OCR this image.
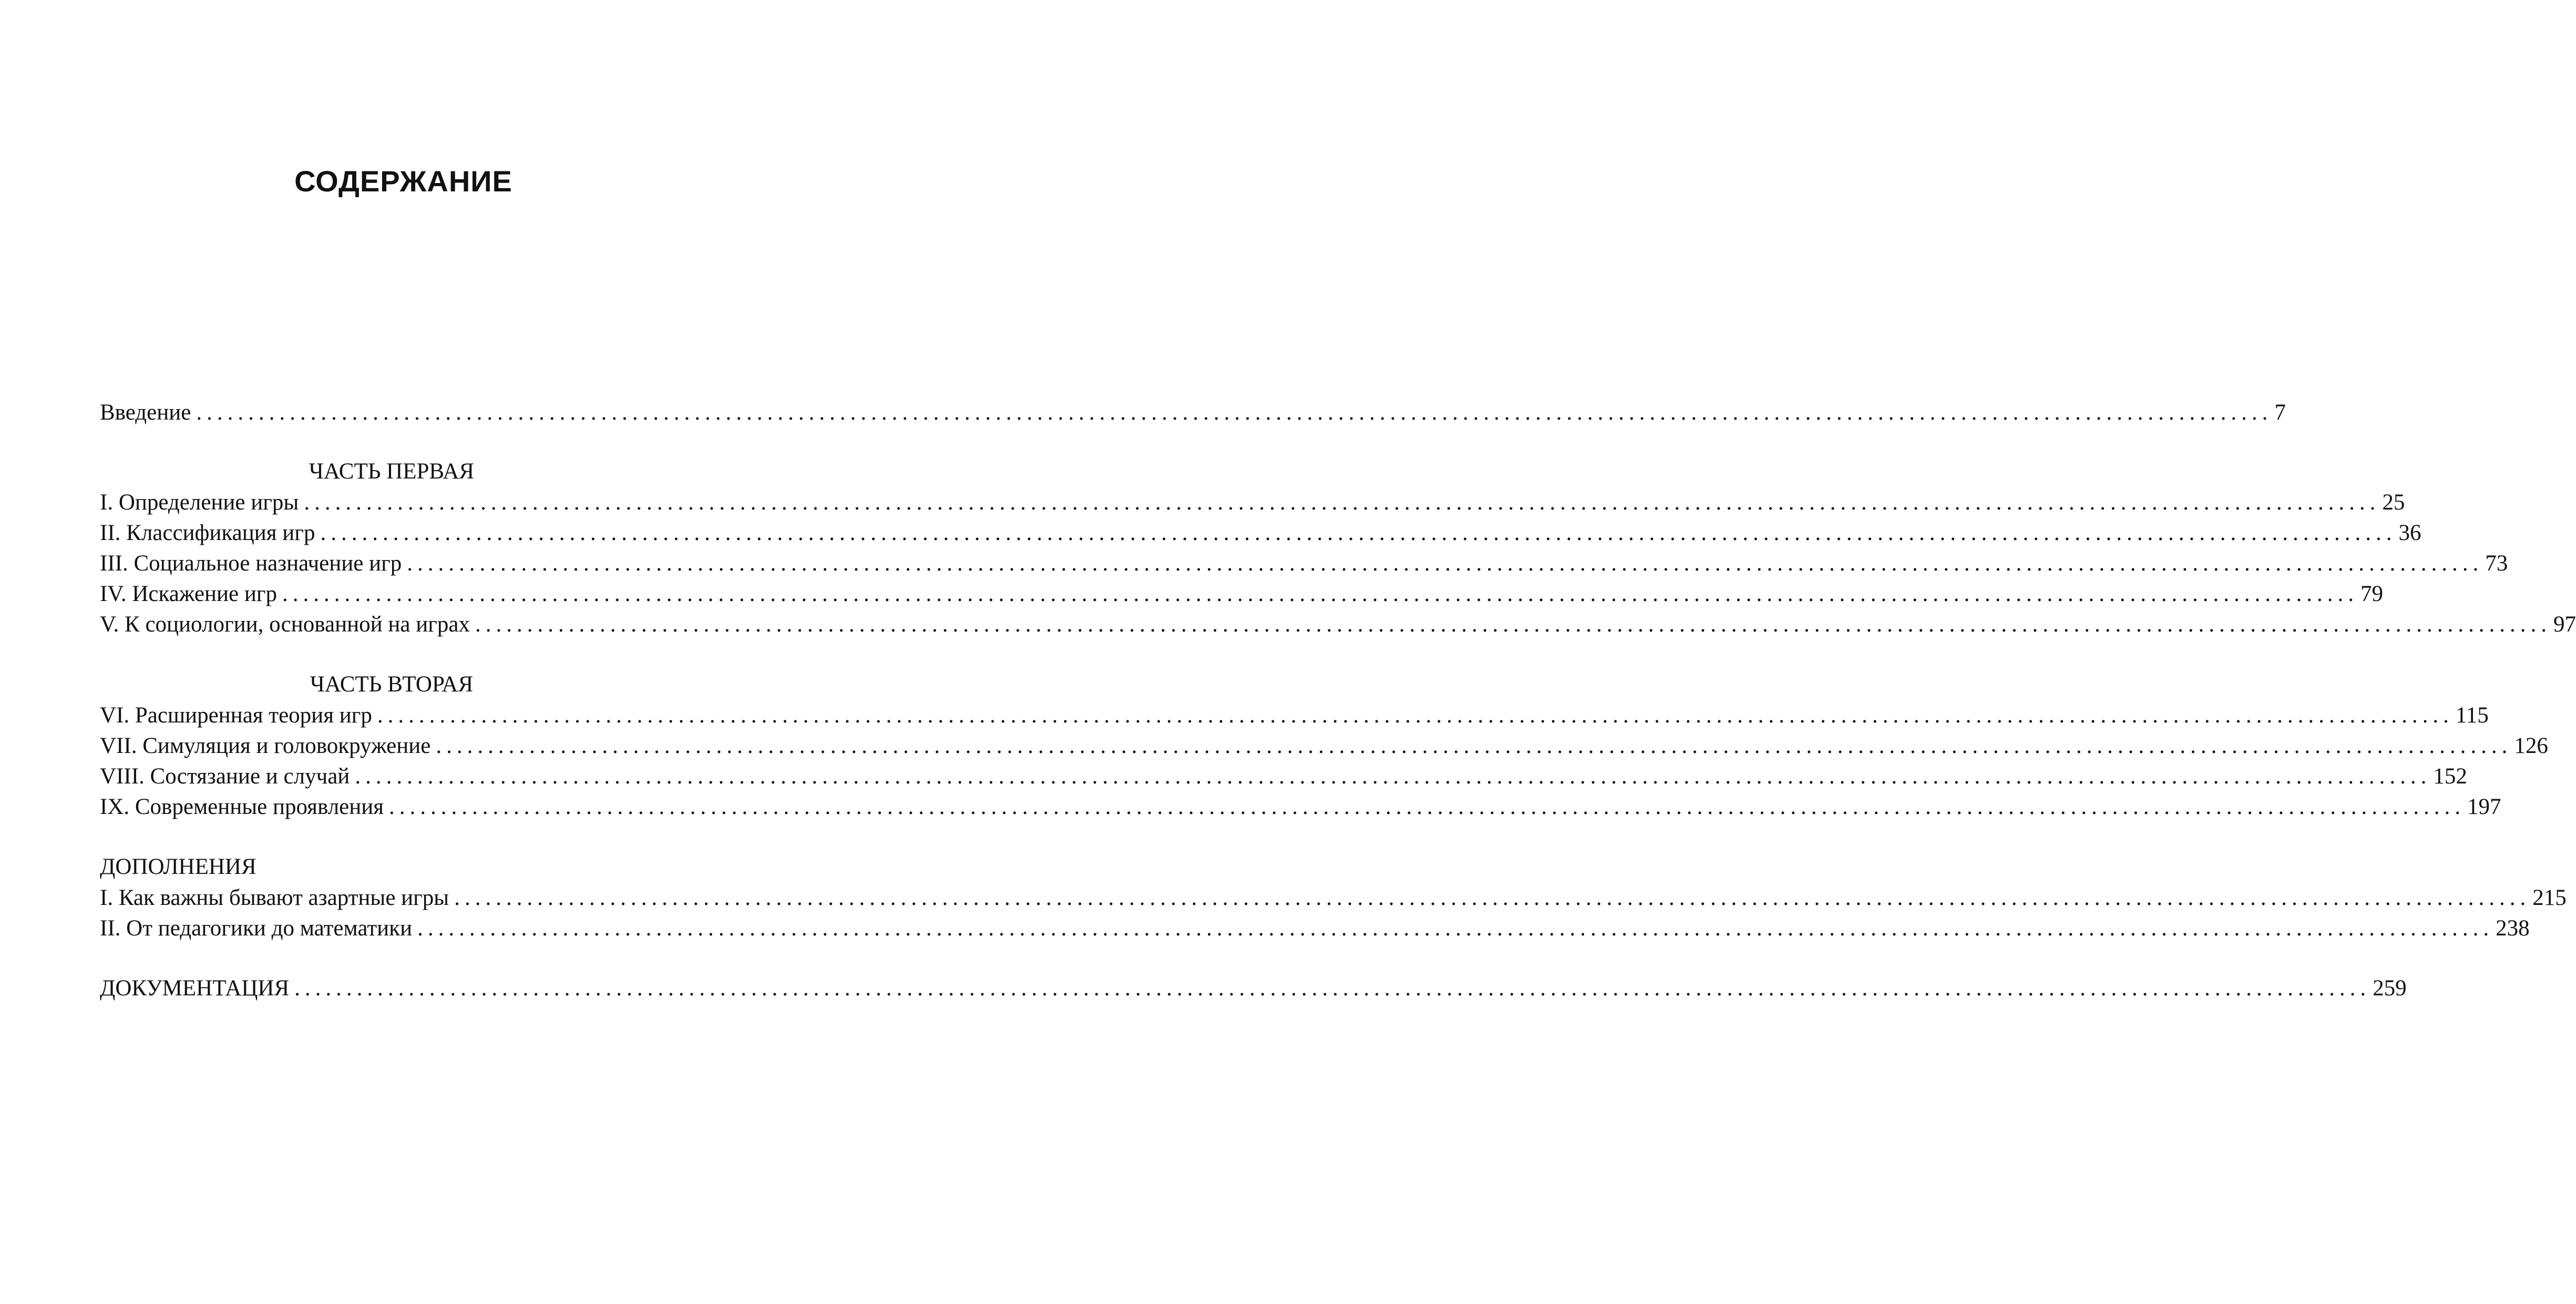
СОДЕРЖАНИЕ
Введение ........................................................................................................................................................................................................ 7
ЧАСТЬ ПЕРВАЯ
I. Определение игры ........................................................................................................................................................................................................ 25
II. Классификация игр ........................................................................................................................................................................................................ 36
III. Социальное назначение игр ........................................................................................................................................................................................................ 73
IV. Искажение игр ........................................................................................................................................................................................................ 79
V. К социологии, основанной на играх ........................................................................................................................................................................................................ 97
ЧАСТЬ ВТОРАЯ
VI. Расширенная теория игр ........................................................................................................................................................................................................ 115
VII. Симуляция и головокружение ........................................................................................................................................................................................................ 126
VIII. Состязание и случай ........................................................................................................................................................................................................ 152
IX. Современные проявления ........................................................................................................................................................................................................ 197
ДОПОЛНЕНИЯ
I. Как важны бывают азартные игры ........................................................................................................................................................................................................ 215
II. От педагогики до математики ........................................................................................................................................................................................................ 238
ДОКУМЕНТАЦИЯ ........................................................................................................................................................................................................ 259
